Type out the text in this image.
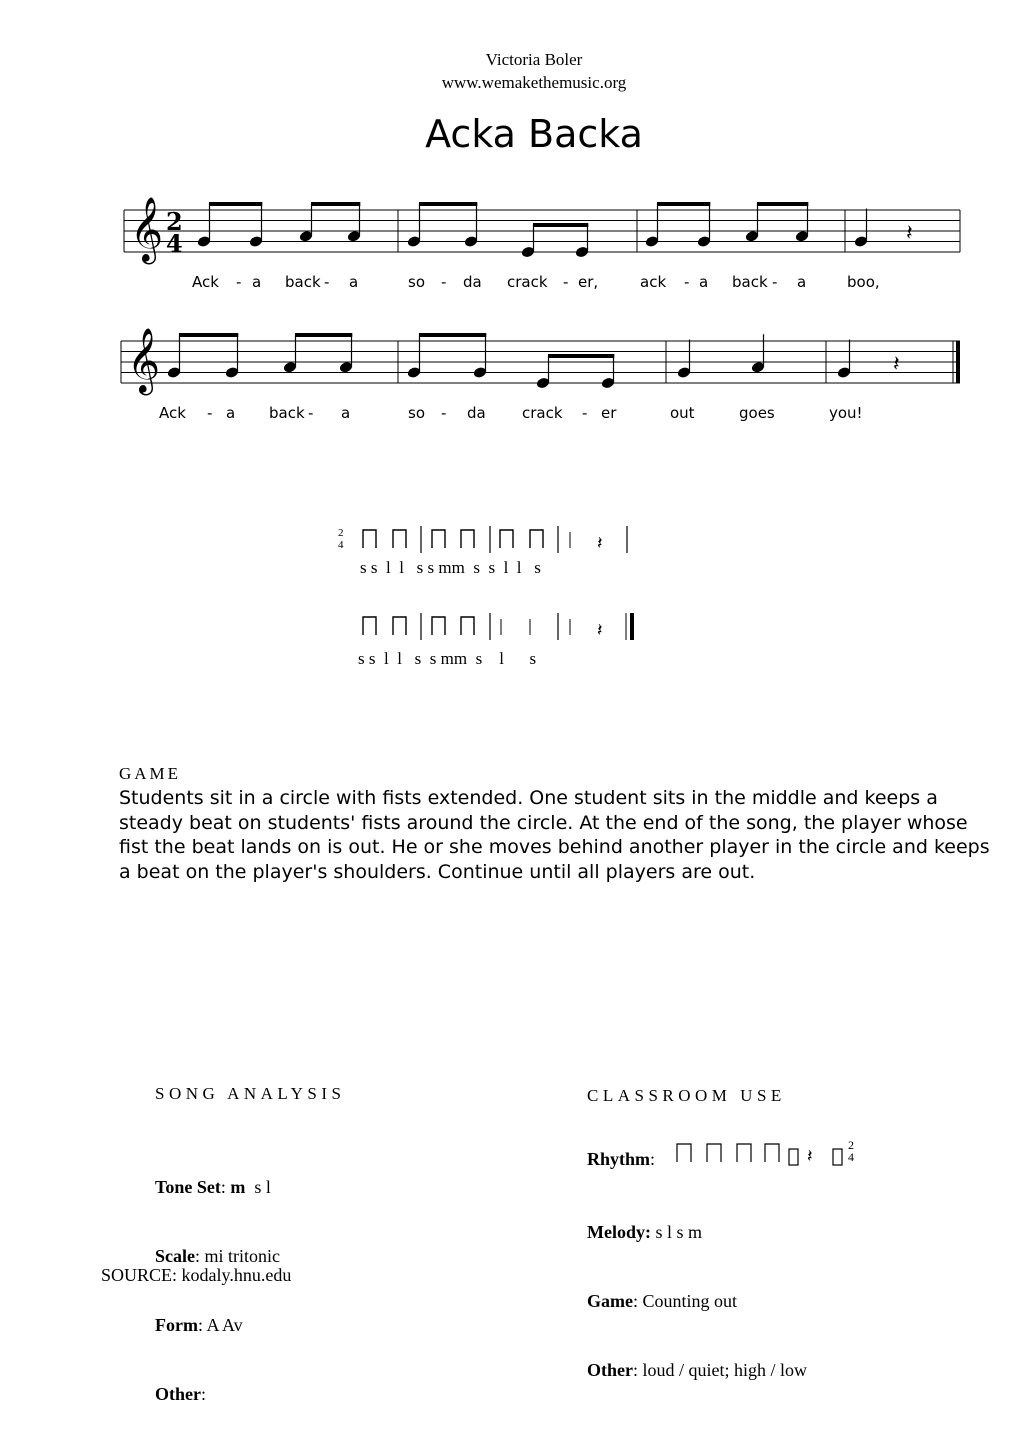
Victoria Boler
www.wemakethemusic.org
Acka Backa
𝄞 2
4	𝄽
𝄞	𝄽
2
4	𝄽
𝄽
Ack - a back - a	so - da crack - er,	ack - a back - a	boo,
Ack - a back - a	so - da crack - er	out	goes	you!
s s  l  l   s s mm  s  s  l  l   s
s s  l  l   s  s mm  s    l      s
GAME
Students sit in a circle with fists extended. One student sits in the middle and keeps a steady beat on students' fists around the circle. At the end of the song, the player whose fist the beat lands on is out. He or she moves behind another player in the circle and keeps a beat on the player's shoulders. Continue until all players are out.
SONG ANALYSIS

Tone Set: m s l

Scale: mi tritonic

Form: A Av

Other:

CLASSROOM USE
Rhythm:	𝄽
2
4

Melody: s l s m

Game: Counting out

Other: loud / quiet; high / low

SOURCE: kodaly.hnu.edu
